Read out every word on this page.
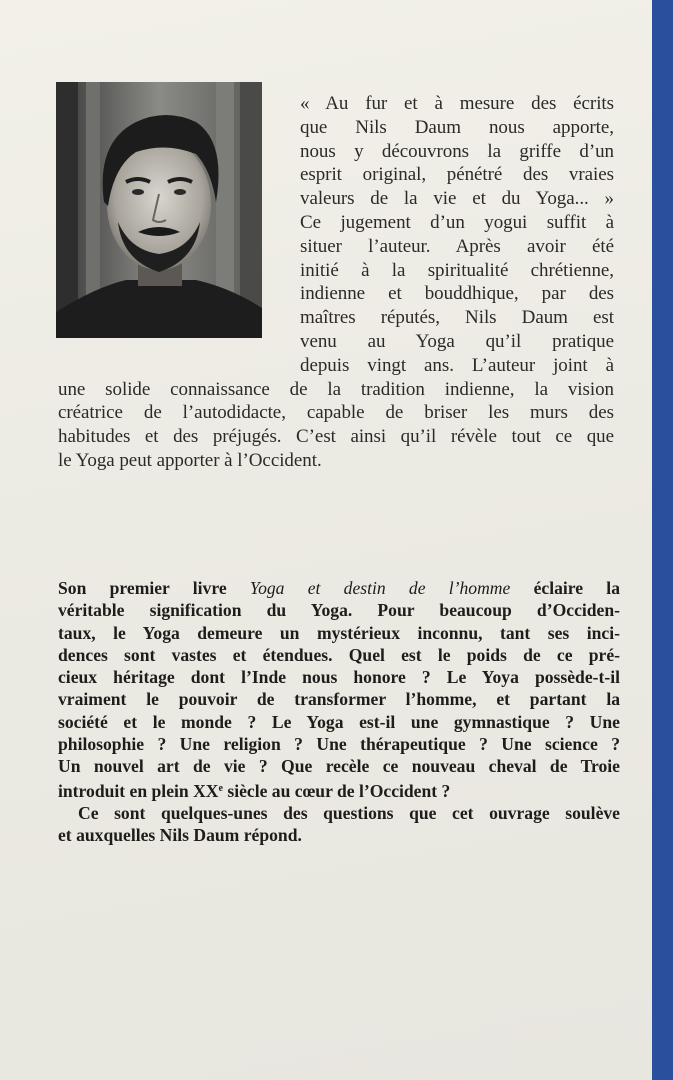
« Au fur et à mesure des écrits
que Nils Daum nous apporte,
nous y découvrons la griffe d’un
esprit original, pénétré des vraies
valeurs de la vie et du Yoga... »
Ce jugement d’un yogui suffit à
situer l’auteur. Après avoir été
initié à la spiritualité chrétienne,
indienne et bouddhique, par des
maîtres réputés, Nils Daum est
venu au Yoga qu’il pratique
depuis vingt ans. L’auteur joint à
une solide connaissance de la tradition indienne, la vision
créatrice de l’autodidacte, capable de briser les murs des
habitudes et des préjugés. C’est ainsi qu’il révèle tout ce que
le Yoga peut apporter à l’Occident.
Son premier livre Yoga et destin de l’homme éclaire la
véritable signification du Yoga. Pour beaucoup d’Occiden-
taux, le Yoga demeure un mystérieux inconnu, tant ses inci-
dences sont vastes et étendues. Quel est le poids de ce pré-
cieux héritage dont l’Inde nous honore ? Le Yoya possède-t-il
vraiment le pouvoir de transformer l’homme, et partant la
société et le monde ? Le Yoga est-il une gymnastique ? Une
philosophie ? Une religion ? Une thérapeutique ? Une science ?
Un nouvel art de vie ? Que recèle ce nouveau cheval de Troie
introduit en plein XXe siècle au cœur de l’Occident ?
Ce sont quelques-unes des questions que cet ouvrage soulève
et auxquelles Nils Daum répond.
